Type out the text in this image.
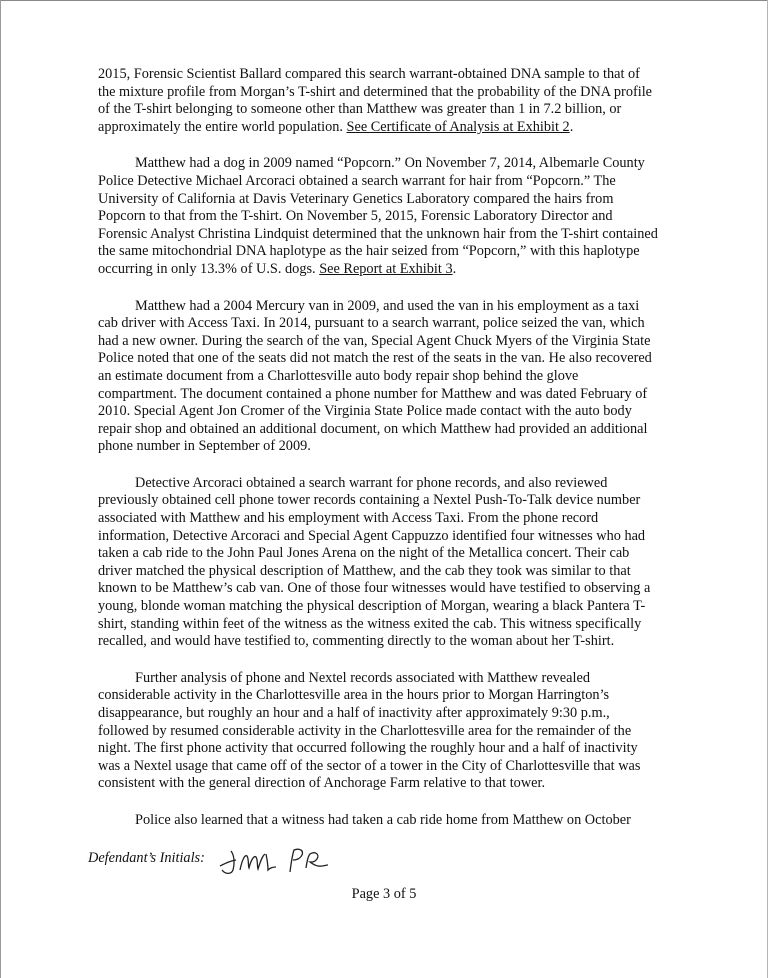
2015, Forensic Scientist Ballard compared this search warrant-obtained DNA sample to that of the mixture profile from Morgan’s T-shirt and determined that the probability of the DNA profile of the T-shirt belonging to someone other than Matthew was greater than 1 in 7.2 billion, or approximately the entire world population. See Certificate of Analysis at Exhibit 2.

Matthew had a dog in 2009 named “Popcorn.” On November 7, 2014, Albemarle County Police Detective Michael Arcoraci obtained a search warrant for hair from “Popcorn.” The University of California at Davis Veterinary Genetics Laboratory compared the hairs from Popcorn to that from the T-shirt. On November 5, 2015, Forensic Laboratory Director and Forensic Analyst Christina Lindquist determined that the unknown hair from the T-shirt contained the same mitochondrial DNA haplotype as the hair seized from “Popcorn,” with this haplotype occurring in only 13.3% of U.S. dogs. See Report at Exhibit 3.

Matthew had a 2004 Mercury van in 2009, and used the van in his employment as a taxi cab driver with Access Taxi. In 2014, pursuant to a search warrant, police seized the van, which had a new owner. During the search of the van, Special Agent Chuck Myers of the Virginia State Police noted that one of the seats did not match the rest of the seats in the van. He also recovered an estimate document from a Charlottesville auto body repair shop behind the glove compartment. The document contained a phone number for Matthew and was dated February of 2010. Special Agent Jon Cromer of the Virginia State Police made contact with the auto body repair shop and obtained an additional document, on which Matthew had provided an additional phone number in September of 2009.

Detective Arcoraci obtained a search warrant for phone records, and also reviewed previously obtained cell phone tower records containing a Nextel Push-To-Talk device number associated with Matthew and his employment with Access Taxi. From the phone record information, Detective Arcoraci and Special Agent Cappuzzo identified four witnesses who had taken a cab ride to the John Paul Jones Arena on the night of the Metallica concert. Their cab driver matched the physical description of Matthew, and the cab they took was similar to that known to be Matthew’s cab van. One of those four witnesses would have testified to observing a young, blonde woman matching the physical description of Morgan, wearing a black Pantera T-shirt, standing within feet of the witness as the witness exited the cab. This witness specifically recalled, and would have testified to, commenting directly to the woman about her T-shirt.

Further analysis of phone and Nextel records associated with Matthew revealed considerable activity in the Charlottesville area in the hours prior to Morgan Harrington’s disappearance, but roughly an hour and a half of inactivity after approximately 9:30 p.m., followed by resumed considerable activity in the Charlottesville area for the remainder of the night. The first phone activity that occurred following the roughly hour and a half of inactivity was a Nextel usage that came off of the sector of a tower in the City of Charlottesville that was consistent with the general direction of Anchorage Farm relative to that tower.

Police also learned that a witness had taken a cab ride home from Matthew on October

Defendant’s Initials:
Page 3 of 5
